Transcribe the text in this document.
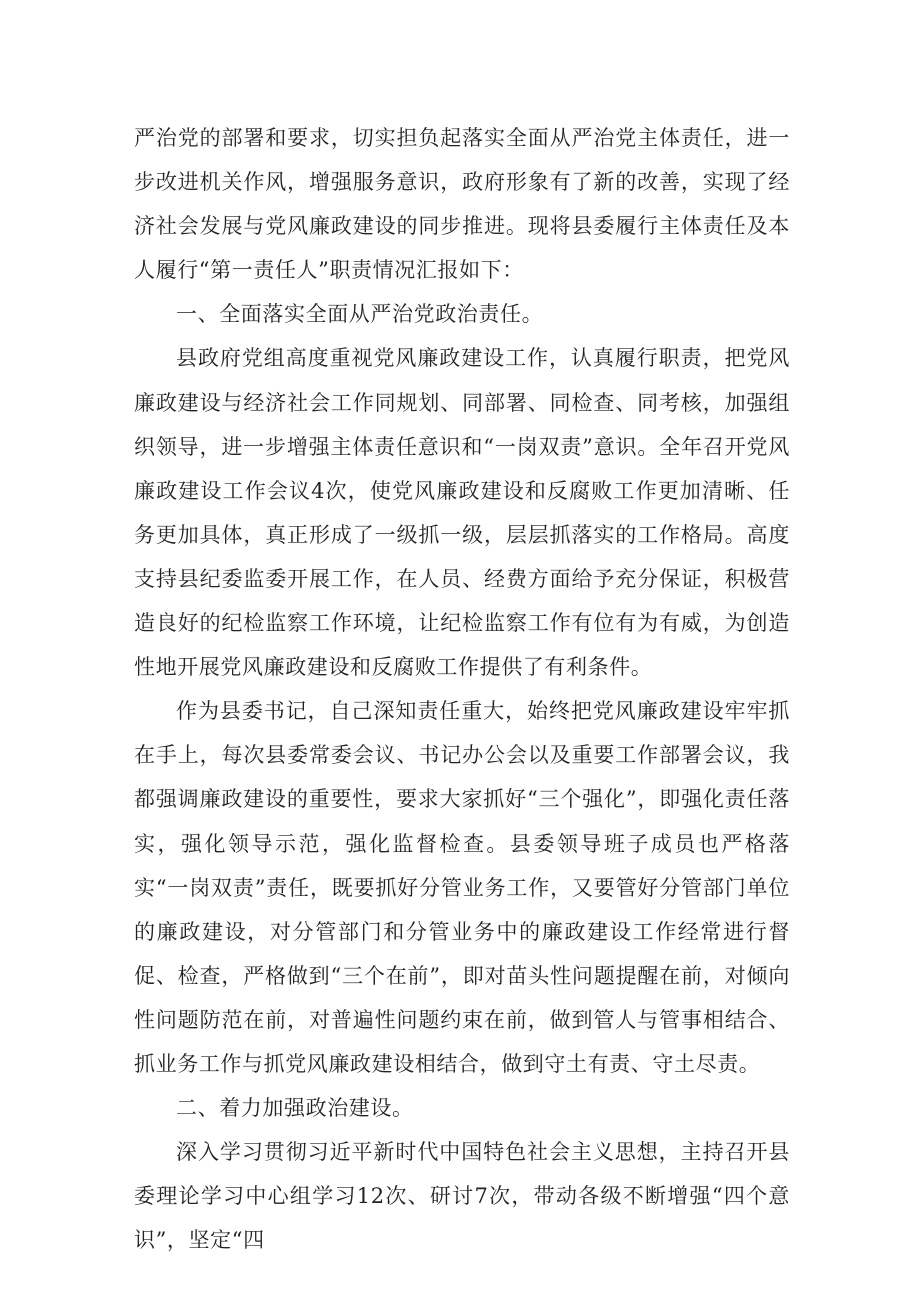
严治党的部署和要求，切实担负起落实全面从严治党主体责任，进一步改进机关作风，增强服务意识，政府形象有了新的改善，实现了经济社会发展与党风廉政建设的同步推进。现将县委履行主体责任及本人履行“第一责任人”职责情况汇报如下：

一、全面落实全面从严治党政治责任。

县政府党组高度重视党风廉政建设工作，认真履行职责，把党风廉政建设与经济社会工作同规划、同部署、同检查、同考核，加强组织领导，进一步增强主体责任意识和“一岗双责”意识。全年召开党风廉政建设工作会议4次，使党风廉政建设和反腐败工作更加清晰、任务更加具体，真正形成了一级抓一级，层层抓落实的工作格局。高度支持县纪委监委开展工作，在人员、经费方面给予充分保证，积极营造良好的纪检监察工作环境，让纪检监察工作有位有为有威，为创造性地开展党风廉政建设和反腐败工作提供了有利条件。

作为县委书记，自己深知责任重大，始终把党风廉政建设牢牢抓在手上，每次县委常委会议、书记办公会以及重要工作部署会议，我都强调廉政建设的重要性，要求大家抓好“三个强化”，即强化责任落实，强化领导示范，强化监督检查。县委领导班子成员也严格落实“一岗双责”责任，既要抓好分管业务工作，又要管好分管部门单位的廉政建设，对分管部门和分管业务中的廉政建设工作经常进行督促、检查，严格做到“三个在前”，即对苗头性问题提醒在前，对倾向性问题防范在前，对普遍性问题约束在前，做到管人与管事相结合、抓业务工作与抓党风廉政建设相结合，做到守土有责、守土尽责。

二、着力加强政治建设。

深入学习贯彻习近平新时代中国特色社会主义思想，主持召开县委理论学习中心组学习12次、研讨7次，带动各级不断增强“四个意识”，坚定“四
